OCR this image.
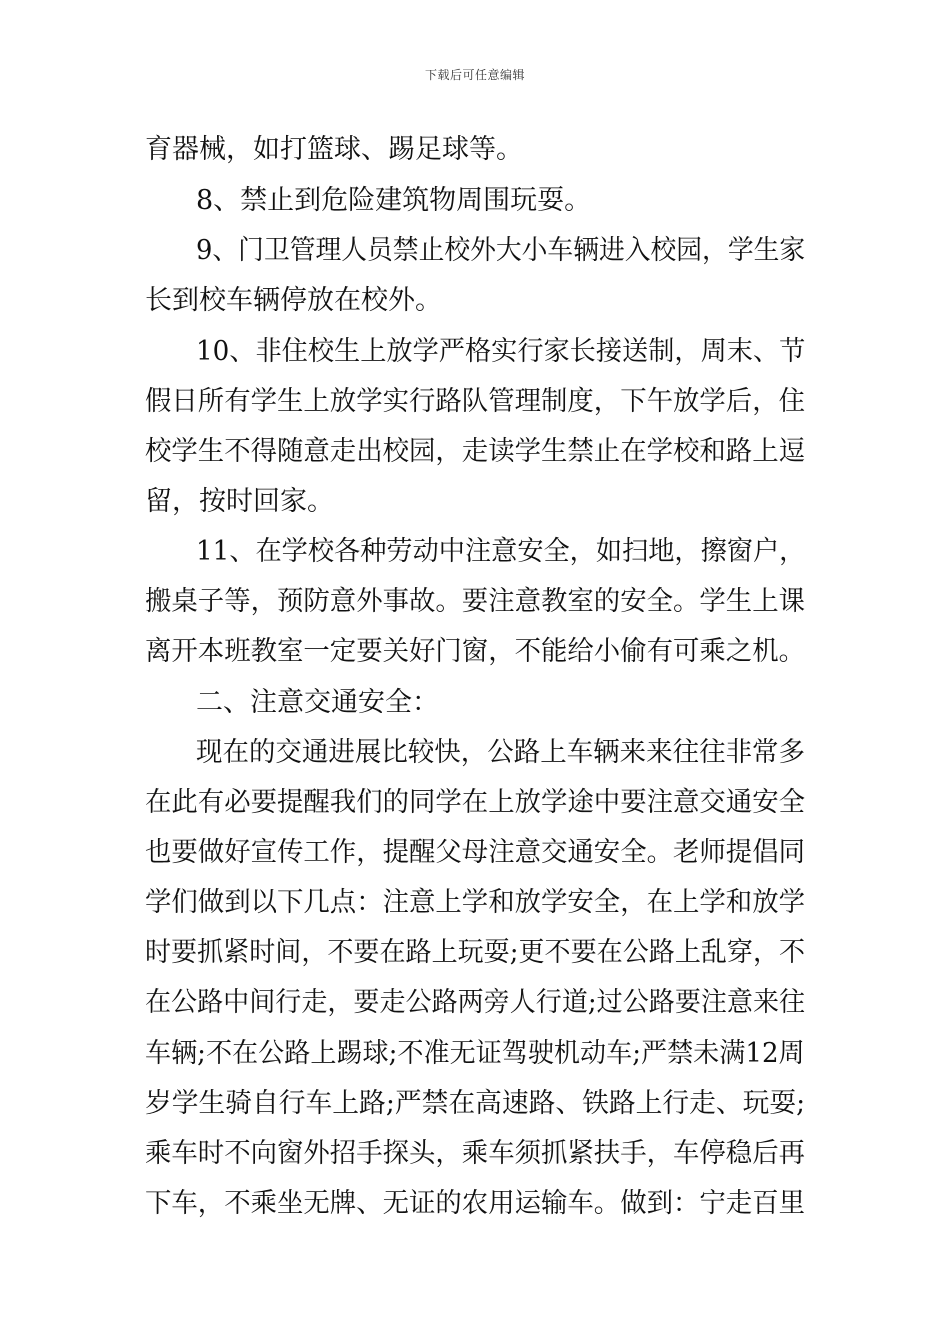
下载后可任意编辑
育器械，如打篮球、踢足球等。
8、禁止到危险建筑物周围玩耍。
9、门卫管理人员禁止校外大小车辆进入校园，学生家
长到校车辆停放在校外。
10、非住校生上放学严格实行家长接送制，周末、节
假日所有学生上放学实行路队管理制度，下午放学后，住
校学生不得随意走出校园，走读学生禁止在学校和路上逗
留，按时回家。
11、在学校各种劳动中注意安全，如扫地，擦窗户，
搬桌子等，预防意外事故。要注意教室的安全。学生上课
离开本班教室一定要关好门窗，不能给小偷有可乘之机。
二、注意交通安全：
现在的交通进展比较快，公路上车辆来来往往非常多
在此有必要提醒我们的同学在上放学途中要注意交通安全
也要做好宣传工作，提醒父母注意交通安全。老师提倡同
学们做到以下几点：注意上学和放学安全，在上学和放学
时要抓紧时间，不要在路上玩耍;更不要在公路上乱穿，不
在公路中间行走，要走公路两旁人行道;过公路要注意来往
车辆;不在公路上踢球;不准无证驾驶机动车;严禁未满12周
岁学生骑自行车上路;严禁在高速路、铁路上行走、玩耍;
乘车时不向窗外招手探头，乘车须抓紧扶手，车停稳后再
下车，不乘坐无牌、无证的农用运输车。做到：宁走百里
